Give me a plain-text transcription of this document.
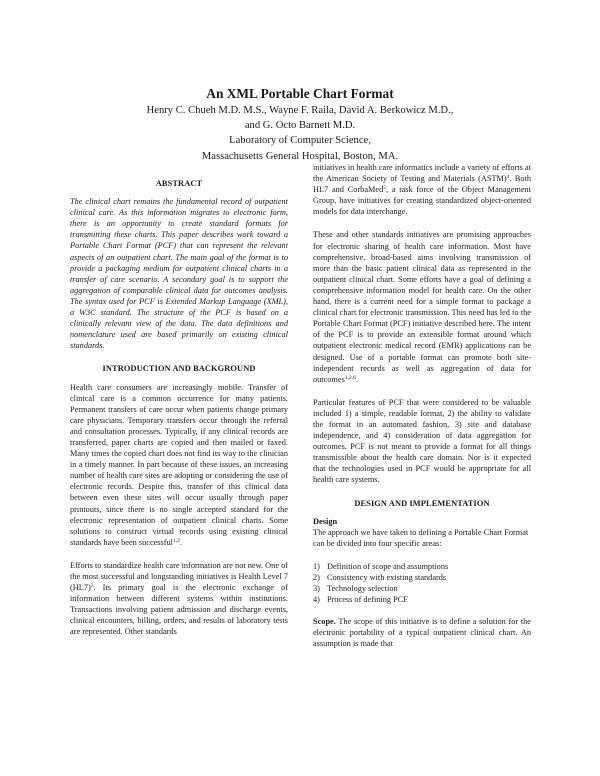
An XML Portable Chart Format
Henry C. Chueh M.D. M.S., Wayne F. Raila, David A. Berkowicz M.D.,
and G. Octo Barnett M.D.
Laboratory of Computer Science,
Massachusetts General Hospital, Boston, MA.
ABSTRACT

The clinical chart remains the fundamental record of outpatient clinical care. As this information migrates to electronic form, there is an opportunity to create standard formats for transmitting these charts. This paper describes work toward a Portable Chart Format (PCF) that can represent the relevant aspects of an outpatient chart. The main goal of the format is to provide a packaging medium for outpatient clinical charts in a transfer of care scenario. A secondary goal is to support the aggregation of comparable clinical data for outcomes analysis. The syntax used for PCF is Extended Markup Language (XML), a W3C standard. The structure of the PCF is based on a clinically relevant view of the data. The data definitions and nomenclature used are based primarily on existing clinical standards.

INTRODUCTION AND BACKGROUND

Health care consumers are increasingly mobile. Transfer of clinical care is a common occurrence for many patients. Permanent transfers of care occur when patients change primary care physicians. Temporary transfers occur through the referral and consultation processes. Typically, if any clinical records are transferred, paper charts are copied and then mailed or faxed. Many times the copied chart does not find its way to the clinician in a timely manner. In part because of these issues, an increasing number of health care sites are adopting or considering the use of electronic records. Despite this, transfer of this clinical data between even these sites will occur usually through paper printouts, since there is no single accepted standard for the electronic representation of outpatient clinical charts. Some solutions to construct virtual records using existing clinical standards have been successful$^{1,2}$.

Efforts to standardize health care information are not new. One of the most successful and longstanding initiatives is Health Level 7 $(HL7)^3$. Its primary goal is the electronic exchange of information between different systems within institutions. Transactions involving patient admission and discharge events, clinical encounters, billing, orders, and results of laboratory tests are represented. Other standards

initiatives in health care informatics include a variety of efforts at the American Society of Testing and Materials (ASTM)$^4$. Both HL7 and CorbaMed$^5$, a task force of the Object Management Group, have initiatives for creating standardized object-oriented models for data interchange.

These and other standards initiatives are promising approaches for electronic sharing of health care information. Most have comprehensive, broad-based aims involving transmission of more than the basic patient clinical data as represented in the outpatient clinical chart. Some efforts have a goal of defining a comprehensive information model for health care. On the other hand, there is a current need for a simple format to package a clinical chart for electronic transmission. This need has led to the Portable Chart Format (PCF) initiative described here. The intent of the PCF is to provide an extensible format around which outpatient electronic medical record (EMR) applications can be designed. Use of a portable format can promote both site-independent records as well as aggregation of data for outcomes$^{1,2,6}$.

Particular features of PCF that were considered to be valuable included 1) a simple, readable format, 2) the ability to validate the format in an automated fashion, 3) site and database independence, and 4) consideration of data aggregation for outcomes. PCF is not meant to provide a format for all things transmissible about the health care domain. Nor is it expected that the technologies used in PCF would be appropriate for all health care systems.

DESIGN AND IMPLEMENTATION
Design

The approach we have taken to defining a Portable Chart Format can be divided into four specific areas:

1) Definition of scope and assumptions
2) Consistency with existing standards
3) Technology selection
4) Process of defining PCF

Scope. The scope of this initiative is to define a solution for the electronic portability of a typical outpatient clinical chart. An assumption is made that
